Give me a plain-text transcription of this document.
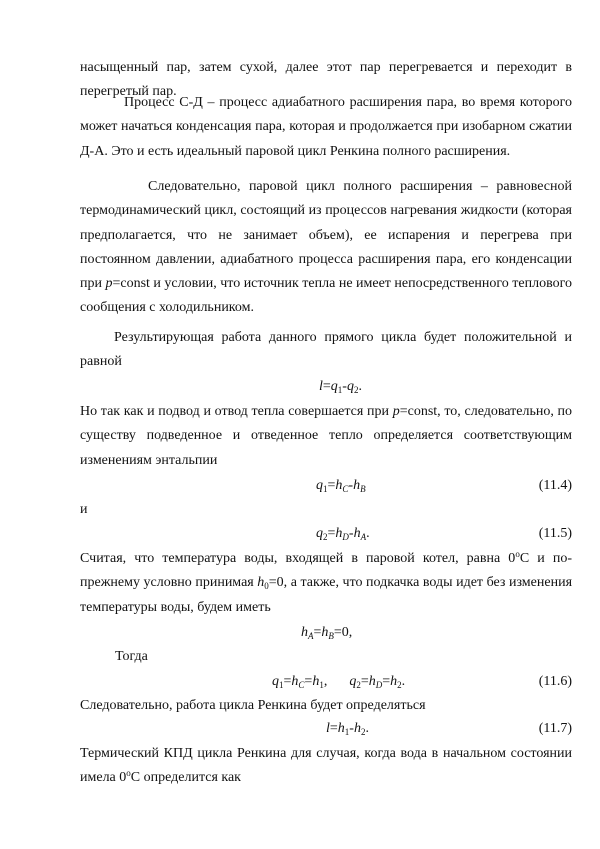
насыщенный пар, затем сухой, далее этот пар перегревается и переходит в перегретый пар.

Процесс С-Д – процесс адиабатного расширения пара, во время которого может начаться конденсация пара, которая и продолжается при изобарном сжатии Д-А. Это и есть идеальный паровой цикл Ренкина полного расширения.

Следовательно, паровой цикл полного расширения – равновесной термодинамический цикл, состоящий из процессов нагревания жидкости (которая предполагается, что не занимает объем), ее испарения и перегрева при постоянном давлении, адиабатного процесса расширения пара, его конденсации при p=const и условии, что источник тепла не имеет непосредственного теплового сообщения с холодильником.

Результирующая работа данного прямого цикла будет положительной и равной

$l=q_1-q_2$.

Но так как и подвод и отвод тепла совершается при p=const, то, следовательно, по существу подведенное и отведенное тепло определяется соответствующим изменениям энтальпии

$q_1=h_C-h_B$	(11.4)
и
$q_2=h_D-h_A$.	(11.5)

Считая, что температура воды, входящей в паровой котел, равна $0^оС$ и по-прежнему условно принимая $h_0=0$, а также, что подкачка воды идет без изменения температуры воды, будем иметь

$h_A=h_B=0$,
Тогда
$q_1=h_C=h_1$, $q_2=h_D=h_2$.	(11.6)
Следовательно, работа цикла Ренкина будет определяться
$l=h_1-h_2$.	(11.7)

Термический КПД цикла Ренкина для случая, когда вода в начальном состоянии имела $0^оС$ определится как
